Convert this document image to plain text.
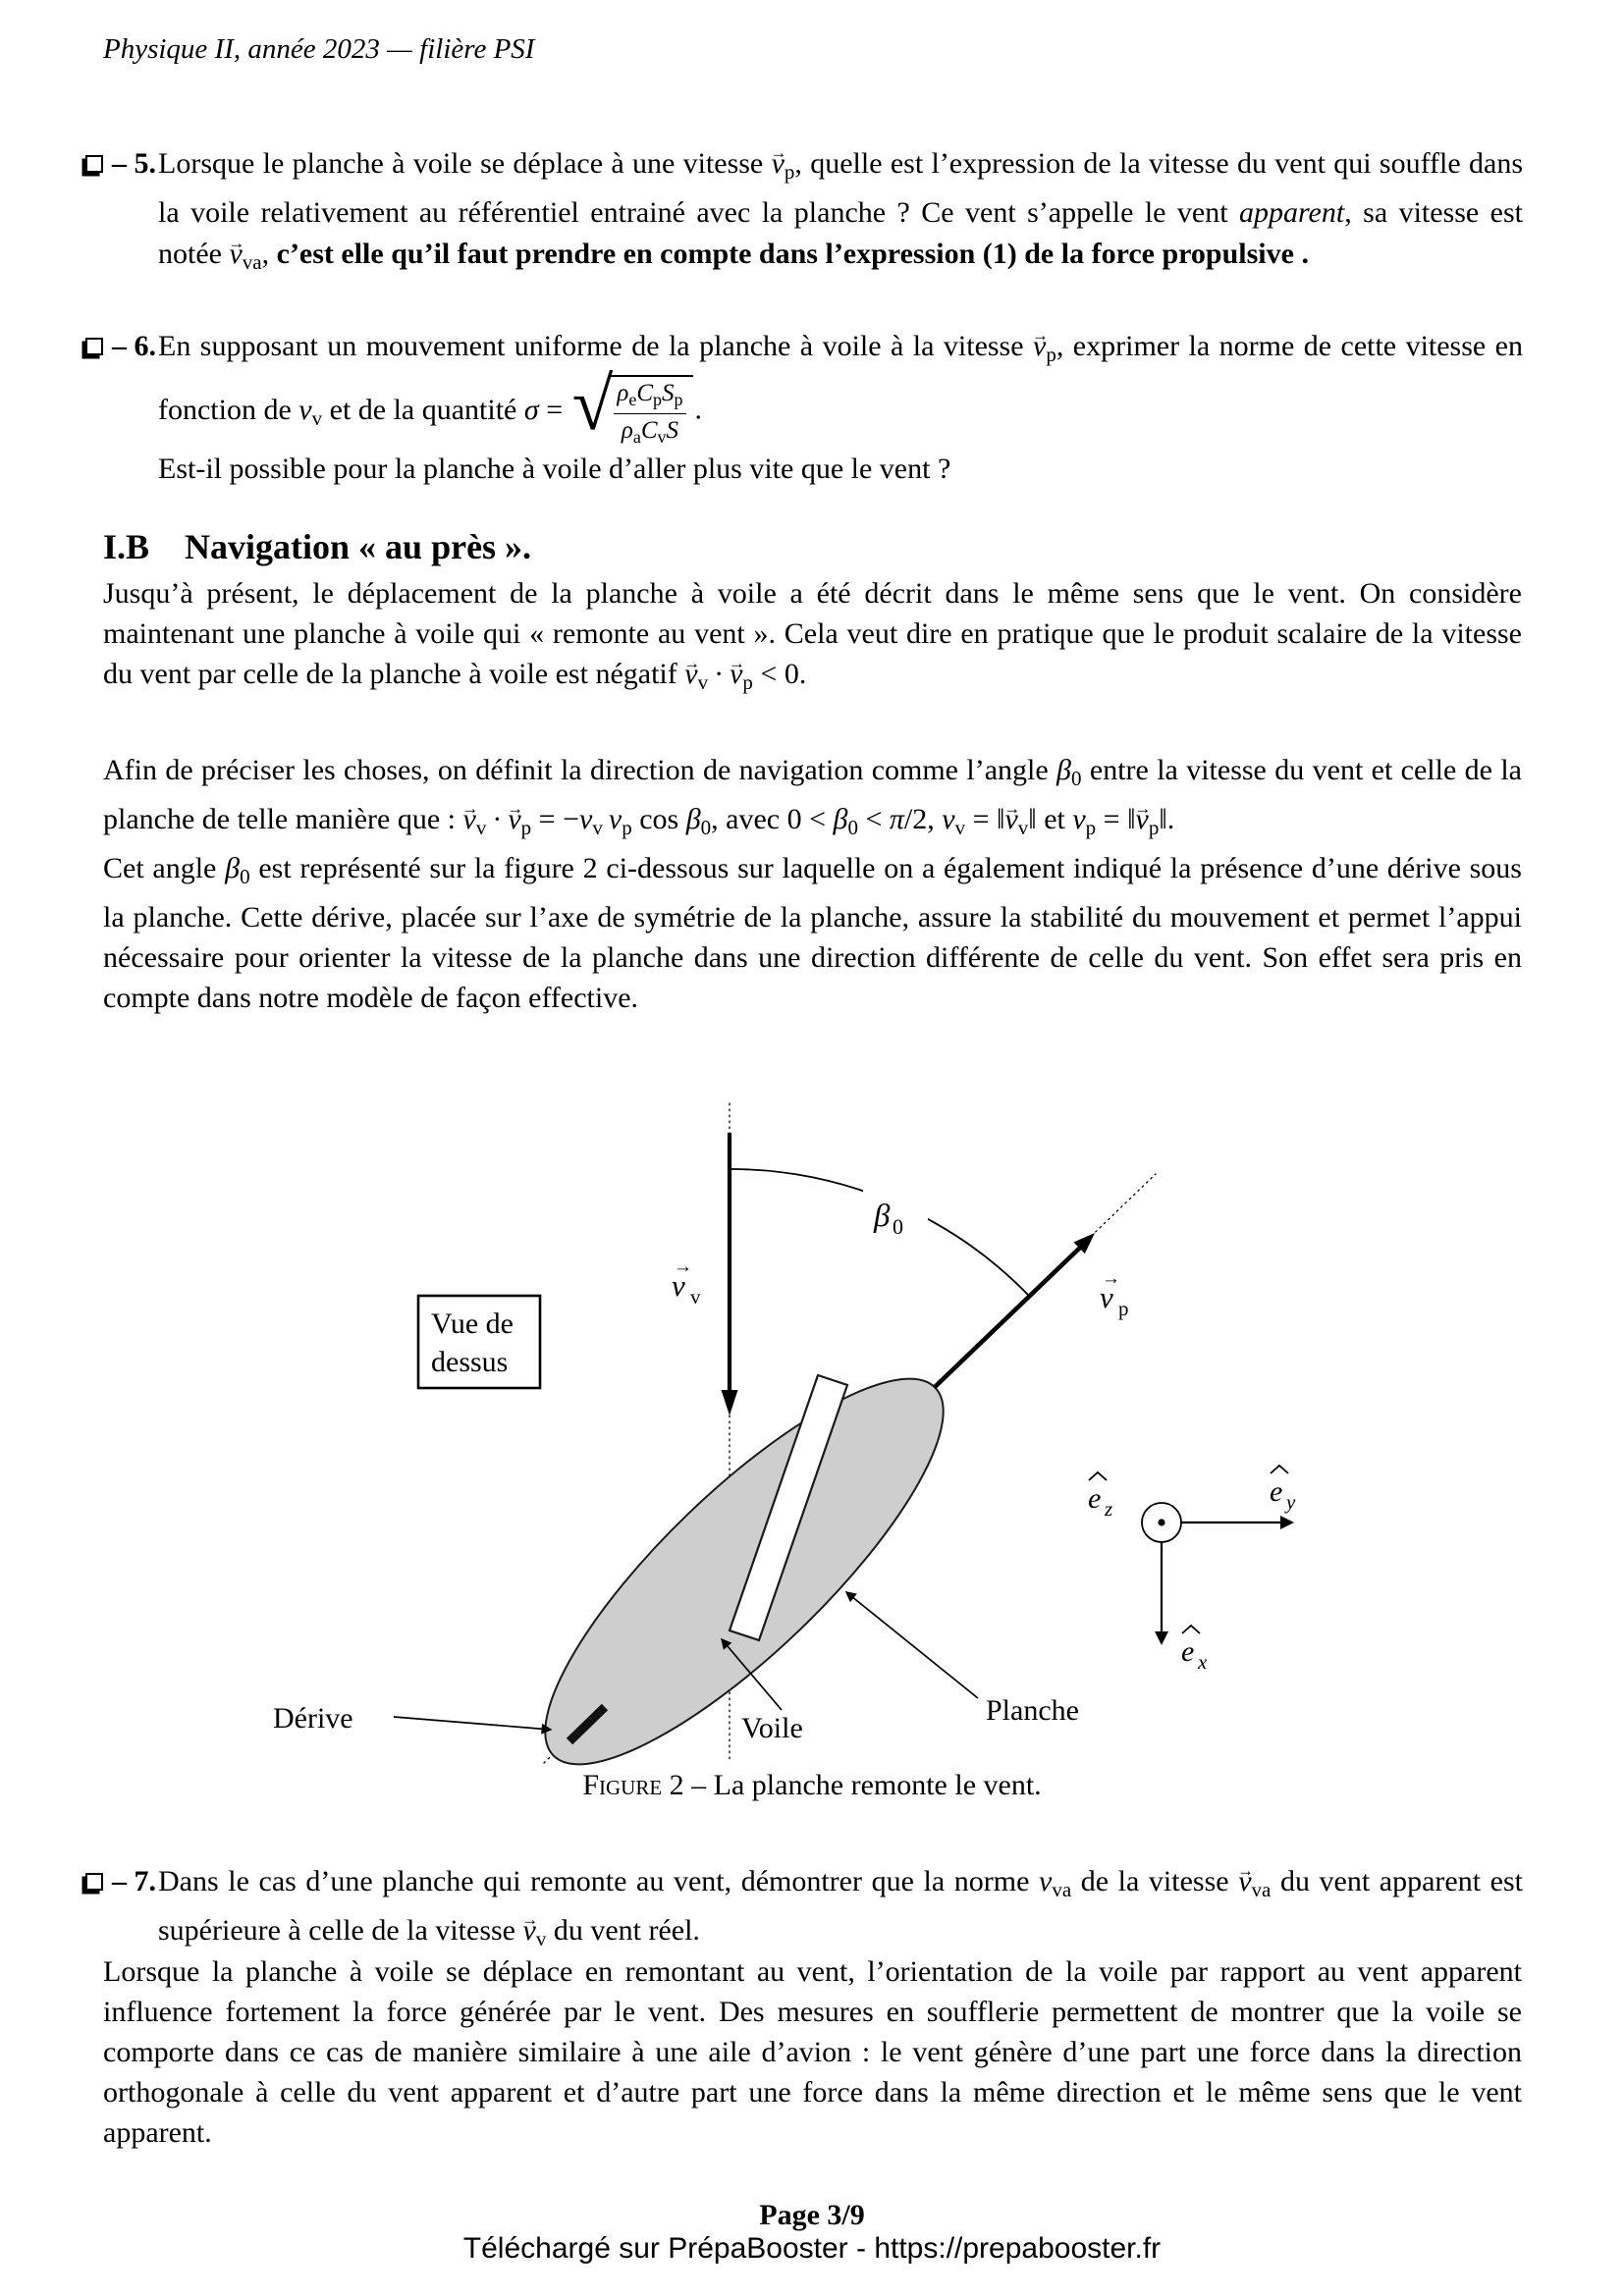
Physique II, année 2023 — filière PSI
– 5. Lorsque le planche à voile se déplace à une vitesse $v \to_p$, quelle est l’expression de la vitesse du vent qui souffle dans la voile relativement au référentiel entrainé avec la planche ? Ce vent s’appelle le vent apparent, sa vitesse est notée $v \to_{va}$, c’est elle qu’il faut prendre en compte dans l’expression (1) de la force propulsive .
– 6. En supposant un mouvement uniforme de la planche à voile à la vitesse $v \to_p$, exprimer la norme de cette vitesse en fonction de $v_v$ et de la quantité σ = √
$\frac{\rho_eC_pS_p}{\rho_aC_vS}$ .
Est-il possible pour la planche à voile d’aller plus vite que le vent ?
I.B Navigation « au près ».
Jusqu’à présent, le déplacement de la planche à voile a été décrit dans le même sens que le vent. On considère maintenant une planche à voile qui « remonte au vent ». Cela veut dire en pratique que le produit scalaire de la vitesse du vent par celle de la planche à voile est négatif $v \to_v \cdot v \to_p < 0$.

Afin de préciser les choses, on définit la direction de navigation comme l’angle $\beta_0$ entre la vitesse du vent et celle de la planche de telle manière que : $v \to_v \cdot v \to_p = -v_v$  $v_p$ $\cos \beta_0$, avec $0 < \beta_0 < \pi/2$, $v_v$ = ‖v $\to_v‖$ et $v_p$ = ‖v $\to_p‖$.

Cet angle $\beta_0$ est représenté sur la figure 2 ci-dessous sur laquelle on a également indiqué la présence d’une dérive sous la planche. Cette dérive, placée sur l’axe de symétrie de la planche, assure la stabilité du mouvement et permet l’appui nécessaire pour orienter la vitesse de la planche dans une direction différente de celle du vent. Son effet sera pris en compte dans notre modèle de façon effective.

→
v v
→
v p
β 0
Vue de
dessus
Planche
Voile
Dérive
e z
e y
e x
Figure 2 – La planche remonte le vent.
– 7. Dans le cas d’une planche qui remonte au vent, démontrer que la norme $v_{va}$ de la vitesse $v \to_{va}$ du vent apparent est supérieure à celle de la vitesse $v \to_v$ du vent réel.
Lorsque la planche à voile se déplace en remontant au vent, l’orientation de la voile par rapport au vent apparent influence fortement la force générée par le vent. Des mesures en soufflerie permettent de montrer que la voile se comporte dans ce cas de manière similaire à une aile d’avion : le vent génère d’une part une force dans la direction orthogonale à celle du vent apparent et d’autre part une force dans la même direction et le même sens que le vent apparent.
Page 3/9
Téléchargé sur PrépaBooster - https://prepabooster.fr
